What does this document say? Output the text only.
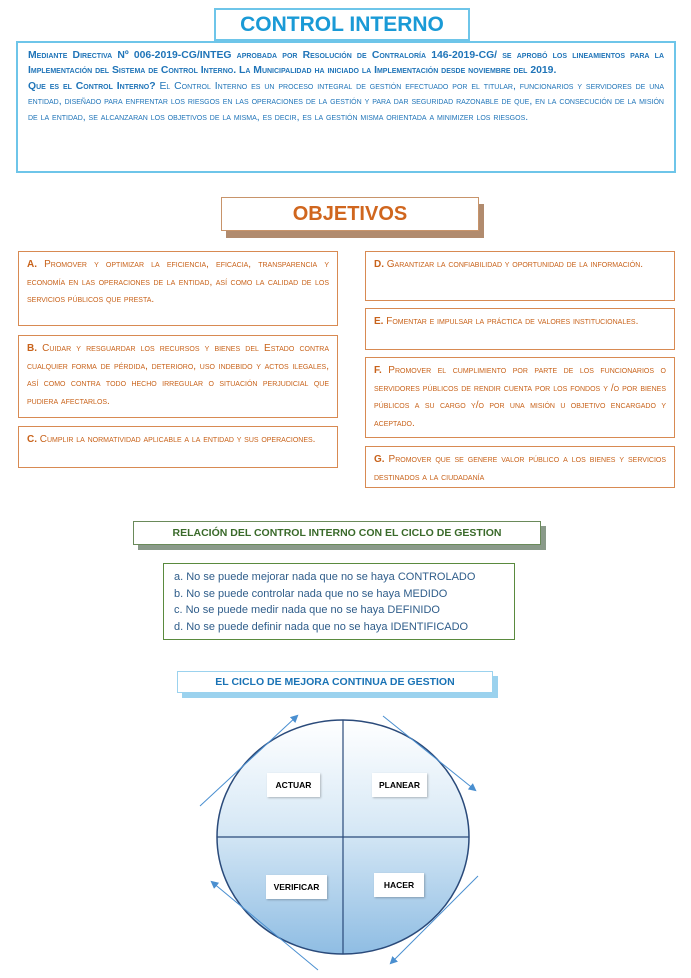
Mediante Directiva Nº 006-2019-CG/INTEG aprobada por Resolución de Contraloría 146-2019-CG/ se aprobó los lineamientos para la Implementación del Sistema de Control Interno. La Municipalidad ha iniciado la Implementación desde noviembre del 2019.

Que es el Control Interno? El Control Interno es un proceso integral de gestión efectuado por el titular, funcionarios y servidores de una entidad, diseñado para enfrentar los riesgos en las operaciones de la gestión y para dar seguridad razonable de que, en la consecución de la misión de la entidad, se alcanzaran los objetivos de la misma, es decir, es la gestión misma orientada a minimizer los riesgos.

CONTROL INTERNO
OBJETIVOS
A. Promover y optimizar la eficiencia, eficacia, transparencia y economía en las operaciones de la entidad, así como la calidad de los servicios públicos que presta.
B. Cuidar y resguardar los recursos y bienes del Estado contra cualquier forma de pérdida, deterioro, uso indebido y actos ilegales, así como contra todo hecho irregular o situación perjudicial que pudiera afectarlos.
C. Cumplir la normatividad aplicable a la entidad y sus operaciones.
D. Garantizar la confiabilidad y oportunidad de la información.
E. Fomentar e impulsar la práctica de valores institucionales.
F. Promover el cumplimiento por parte de los funcionarios o servidores públicos de rendir cuenta por los fondos y /o por bienes públicos a su cargo y/o por una misión u objetivo encargado y aceptado.
G. Promover que se genere valor público a los bienes y servicios destinados a la ciudadanía
RELACIÓN DEL CONTROL INTERNO CON EL CICLO DE GESTION
a. No se puede mejorar nada que no se haya CONTROLADO
b. No se puede controlar nada que no se haya MEDIDO
c. No se puede medir nada que no se haya DEFINIDO
d. No se puede definir nada que no se haya IDENTIFICADO
EL CICLO DE MEJORA CONTINUA DE GESTION
ACTUAR	PLANEAR
VERIFICAR	HACER
